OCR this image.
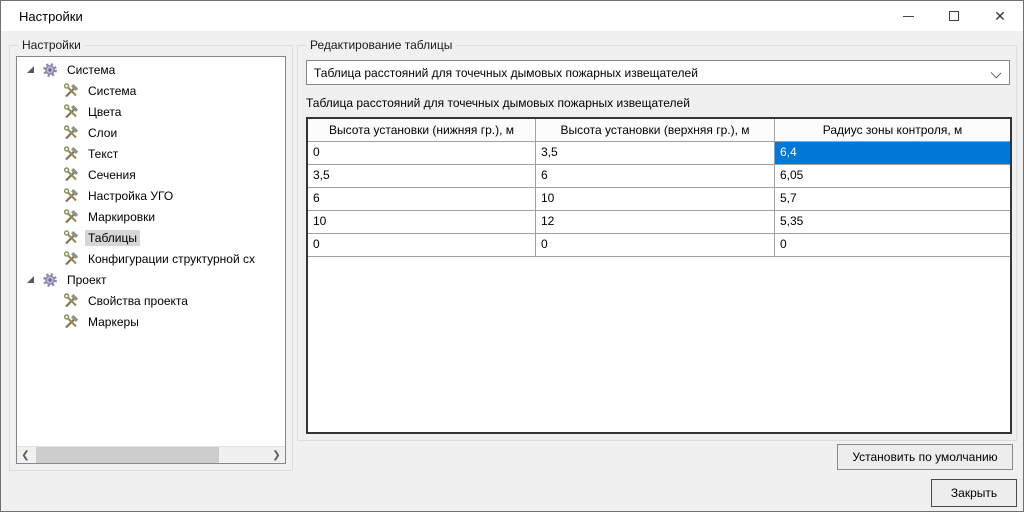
Настройки	✕
Настройки
Система
Система
Цвета
Слои
Текст
Сечения
Настройка УГО
Маркировки
Таблицы
Конфигурации структурной сх
Проект
Свойства проекта
Маркеры
❮	❯
Редактирование таблицы
Таблица расстояний для точечных дымовых пожарных извещателей
Таблица расстояний для точечных дымовых пожарных извещателей
Высота установки (нижняя гр.), м	Высота установки (верхняя гр.), м	Радиус зоны контроля, м
0	3,5	6,4
3,5	6	6,05
6	10	5,7
10	12	5,35
0	0	0
Установить по умолчанию
Закрыть
